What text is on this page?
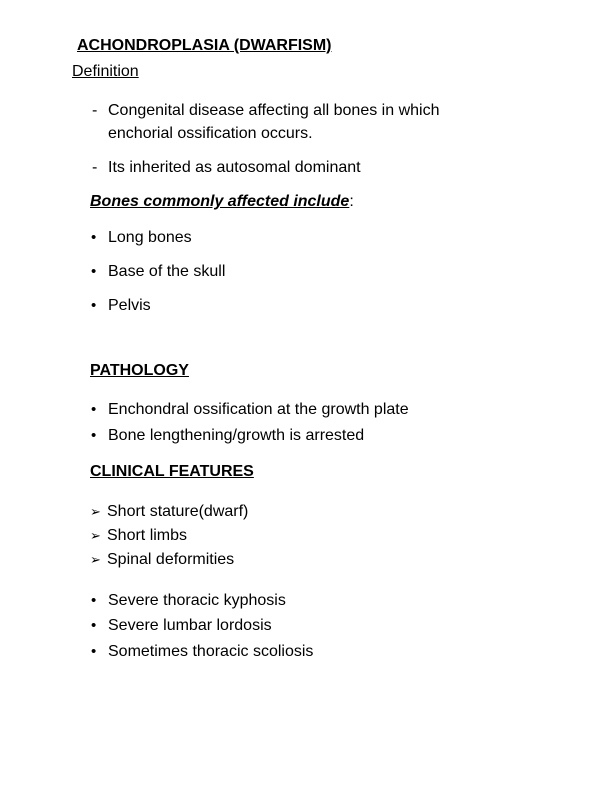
ACHONDROPLASIA (DWARFISM)
Definition
- Congenital disease affecting all bones in which
enchorial ossification occurs.
- Its inherited as autosomal dominant
Bones commonly affected include:
• Long bones
• Base of the skull
• Pelvis
PATHOLOGY
• Enchondral ossification at the growth plate
• Bone lengthening/growth is arrested
CLINICAL FEATURES
➢ Short stature(dwarf)
➢ Short limbs
➢ Spinal deformities
• Severe thoracic kyphosis
• Severe lumbar lordosis
• Sometimes thoracic scoliosis
